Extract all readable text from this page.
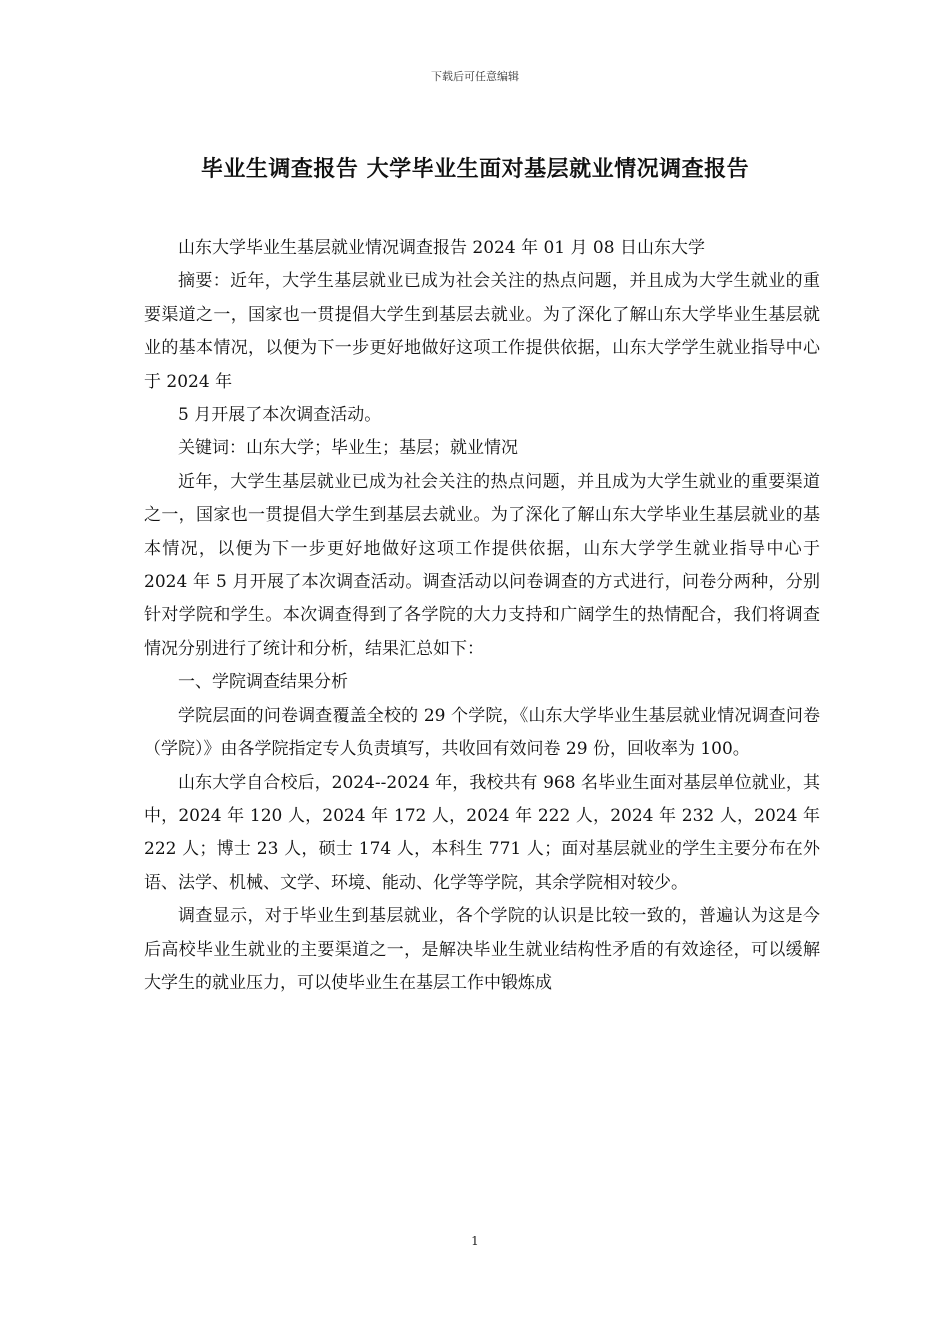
下载后可任意编辑
毕业生调查报告 大学毕业生面对基层就业情况调查报告

山东大学毕业生基层就业情况调查报告 2024 年 01 月 08 日山东大学

摘要：近年，大学生基层就业已成为社会关注的热点问题，并且成为大学生就业的重要渠道之一，国家也一贯提倡大学生到基层去就业。为了深化了解山东大学毕业生基层就业的基本情况，以便为下一步更好地做好这项工作提供依据，山东大学学生就业指导中心于 2024 年

5 月开展了本次调查活动。

关键词：山东大学；毕业生；基层；就业情况

近年，大学生基层就业已成为社会关注的热点问题，并且成为大学生就业的重要渠道之一，国家也一贯提倡大学生到基层去就业。为了深化了解山东大学毕业生基层就业的基本情况，以便为下一步更好地做好这项工作提供依据，山东大学学生就业指导中心于 2024 年 5 月开展了本次调查活动。调查活动以问卷调查的方式进行，问卷分两种，分别针对学院和学生。本次调查得到了各学院的大力支持和广阔学生的热情配合，我们将调查情况分别进行了统计和分析，结果汇总如下：

一、学院调查结果分析

学院层面的问卷调查覆盖全校的 29 个学院，《山东大学毕业生基层就业情况调查问卷（学院）》由各学院指定专人负责填写，共收回有效问卷 29 份，回收率为 100。

山东大学自合校后，2024--2024 年，我校共有 968 名毕业生面对基层单位就业，其中，2024 年 120 人，2024 年 172 人，2024 年 222 人，2024 年 232 人，2024 年 222 人；博士 23 人，硕士 174 人，本科生 771 人；面对基层就业的学生主要分布在外语、法学、机械、文学、环境、能动、化学等学院，其余学院相对较少。

调查显示，对于毕业生到基层就业，各个学院的认识是比较一致的，普遍认为这是今后高校毕业生就业的主要渠道之一，是解决毕业生就业结构性矛盾的有效途径，可以缓解大学生的就业压力，可以使毕业生在基层工作中锻炼成

1
